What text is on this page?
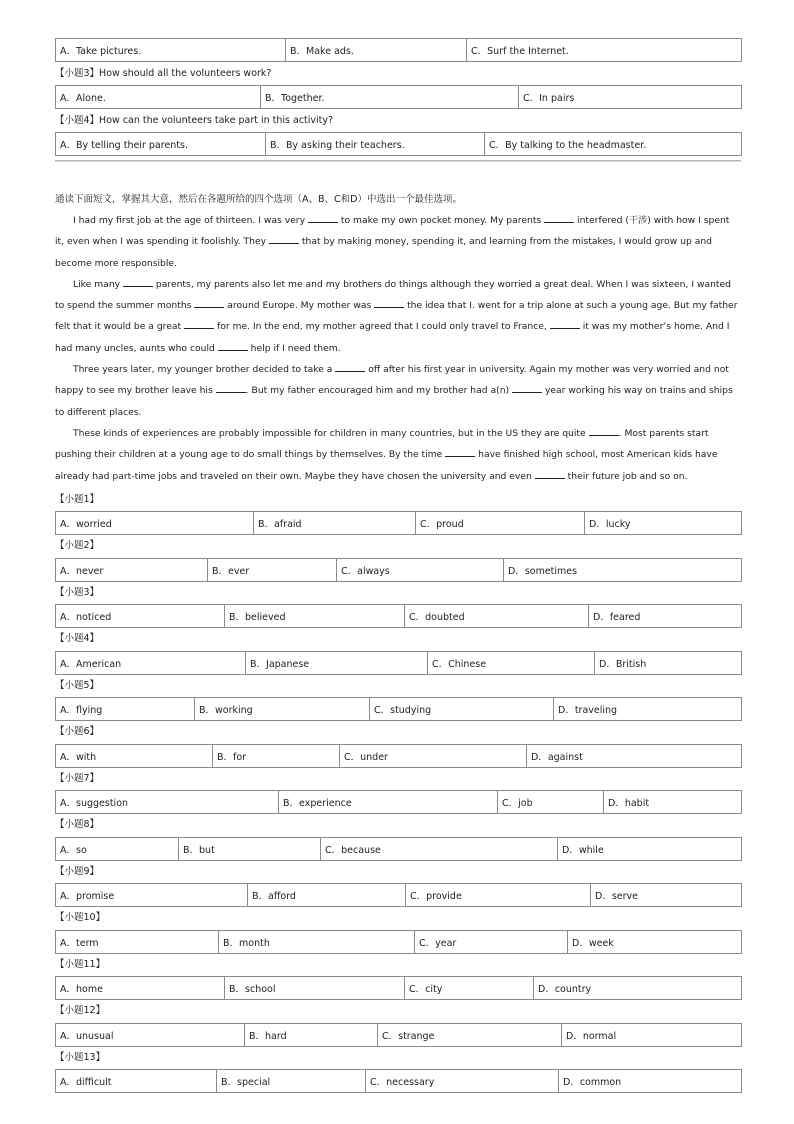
A．Take pictures.	B．Make ads.	C．Surf the Internet.
【小题3】How should all the volunteers work?
A．Alone.	B．Together.	C．In pairs
【小题4】How can the volunteers take part in this activity?
A．By telling their parents.	B．By asking their teachers.	C．By talking to the headmaster.
通读下面短文，掌握其大意，然后在各题所给的四个选项（A、B、C和D）中选出一个最佳选项。

I had my first job at the age of thirteen. I was very	to make my own pocket money. My parents	interfered (干涉) with how I spent it, even when I was spending it foolishly. They	that by making money, spending it, and learning from the mistakes, I would grow up and become more responsible.

Like many	parents, my parents also let me and my brothers do things although they worried a great deal. When I was sixteen, I wanted to spend the summer months	around Europe. My mother was	the idea that I. went for a trip alone at such a young age. But my father felt that it would be a great	for me. In the end, my mother agreed that I could only travel to France,	it was my mother’s home. And I had many uncles, aunts who could	help if I need them.

Three years later, my younger brother decided to take a	off after his first year in university. Again my mother was very worried and not happy to see my brother leave his	. But my father encouraged him and my brother had a(n)	year working his way on trains and ships to different places.

These kinds of experiences are probably impossible for children in many countries, but in the US they are quite	. Most parents start pushing their children at a young age to do small things by themselves. By the time	have finished high school, most American kids have already had part-time jobs and traveled on their own. Maybe they have chosen the university and even	their future job and so on.

【小题1】
A．worried	B．afraid	C．proud	D．lucky
【小题2】
A．never	B．ever	C．always	D．sometimes
【小题3】
A．noticed	B．believed	C．doubted	D．feared
【小题4】
A．American	B．Japanese	C．Chinese	D．British
【小题5】
A．flying	B．working	C．studying	D．traveling
【小题6】
A．with	B．for	C．under	D．against
【小题7】
A．suggestion	B．experience	C．job	D．habit
【小题8】
A．so	B．but	C．because	D．while
【小题9】
A．promise	B．afford	C．provide	D．serve
【小题10】
A．term	B．month	C．year	D．week
【小题11】
A．home	B．school	C．city	D．country
【小题12】
A．unusual	B．hard	C．strange	D．normal
【小题13】
A．difficult	B．special	C．necessary	D．common
